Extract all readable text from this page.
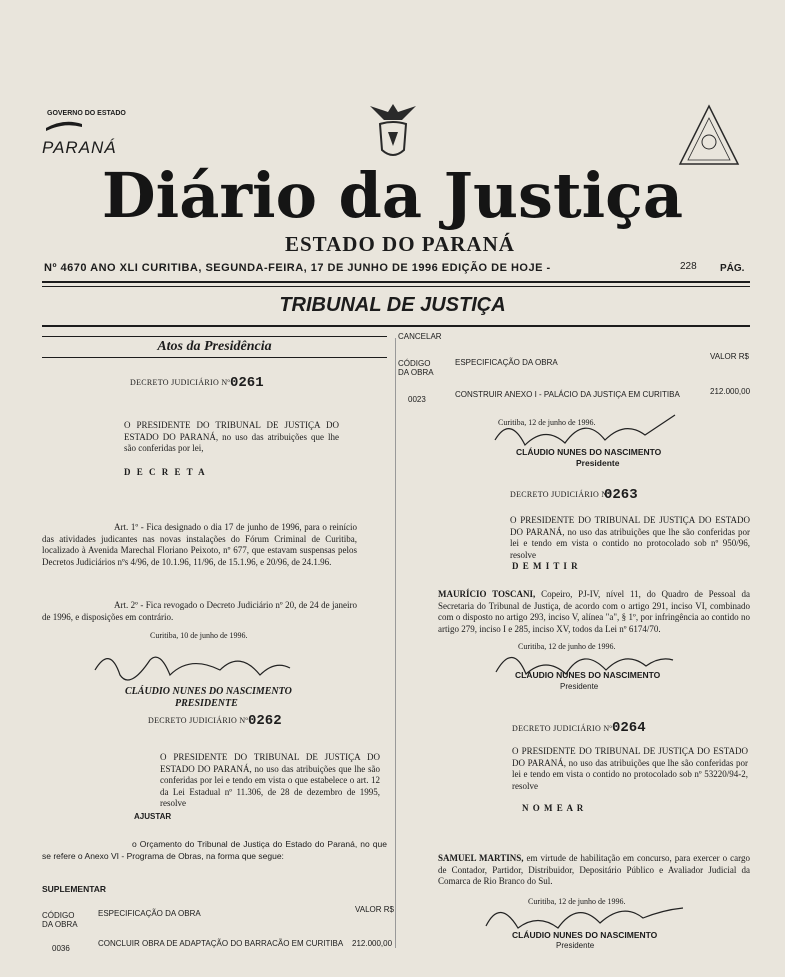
GOVERNO DO ESTADO
PARANÁ
Diário da Justiça
ESTADO DO PARANÁ
Nº 4670 ANO XLI CURITIBA, SEGUNDA-FEIRA, 17 DE JUNHO DE 1996 EDIÇÃO DE HOJE -	228 PÁG.
TRIBUNAL DE JUSTIÇA
Atos da Presidência
DECRETO JUDICIÁRIO Nº 0261
O PRESIDENTE DO TRIBUNAL DE JUSTIÇA DO ESTADO DO PARANÁ, no uso das atribuições que lhe são conferidas por lei,
D E C R E T A
Art. 1º - Fica designado o dia 17 de junho de 1996, para o reinício das atividades judicantes nas novas instalações do Fórum Criminal de Curitiba, localizado à Avenida Marechal Floriano Peixoto, nº 677, que estavam suspensas pelos Decretos Judiciários nºs 4/96, de 10.1.96, 11/96, de 15.1.96, e 20/96, de 24.1.96.
Art. 2º - Fica revogado o Decreto Judiciário nº 20, de 24 de janeiro de 1996, e disposições em contrário.
Curitiba, 10 de junho de 1996.
CLÁUDIO NUNES DO NASCIMENTO
PRESIDENTE
DECRETO JUDICIÁRIO Nº 0262
O PRESIDENTE DO TRIBUNAL DE JUSTIÇA DO ESTADO DO PARANÁ, no uso das atribuições que lhe são conferidas por lei e tendo em vista o que estabelece o art. 12 da Lei Estadual nº 11.306, de 28 de dezembro de 1995, resolve
AJUSTAR
o Orçamento do Tribunal de Justiça do Estado do Paraná, no que se refere o Anexo VI - Programa de Obras, na forma que segue:
SUPLEMENTAR
CÓDIGO DA OBRA
ESPECIFICAÇÃO DA OBRA	VALOR R$
0036
CONCLUIR OBRA DE ADAPTAÇÃO DO BARRACÃO EM CURITIBA 212.000,00
CANCELAR
CÓDIGO DA OBRA
ESPECIFICAÇÃO DA OBRA
VALOR R$
0023
CONSTRUIR ANEXO I - PALÁCIO DA JUSTIÇA EM CURITIBA	212.000,00
Curitiba, 12 de junho de 1996.
CLÁUDIO NUNES DO NASCIMENTO
Presidente
DECRETO JUDICIÁRIO Nº
0263
O PRESIDENTE DO TRIBUNAL DE JUSTIÇA DO ESTADO DO PARANÁ, no uso das atribuições que lhe são conferidas por lei e tendo em vista o contido no protocolado sob nº 950/96, resolve
D E M I T I R
MAURÍCIO TOSCANI, Copeiro, PJ-IV, nível 11, do Quadro de Pessoal da Secretaria do Tribunal de Justiça, de acordo com o artigo 291, inciso VI, combinado com o disposto no artigo 293, inciso V, alínea "a", § 1º, por infringência ao contido no artigo 279, inciso I e 285, inciso XV, todos da Lei nº 6174/70.
Curitiba, 12 de junho de 1996.
CLÁUDIO NUNES DO NASCIMENTO
Presidente
DECRETO JUDICIÁRIO Nº 0264
O PRESIDENTE DO TRIBUNAL DE JUSTIÇA DO ESTADO DO PARANÁ, no uso das atribuições que lhe são conferidas por lei e tendo em vista o contido no protocolado sob nº 53220/94-2, resolve
N O M E A R
SAMUEL MARTINS, em virtude de habilitação em concurso, para exercer o cargo de Contador, Partidor, Distribuidor, Depositário Público e Avaliador Judicial da Comarca de Rio Branco do Sul.
Curitiba, 12 de junho de 1996.
CLÁUDIO NUNES DO NASCIMENTO
Presidente
